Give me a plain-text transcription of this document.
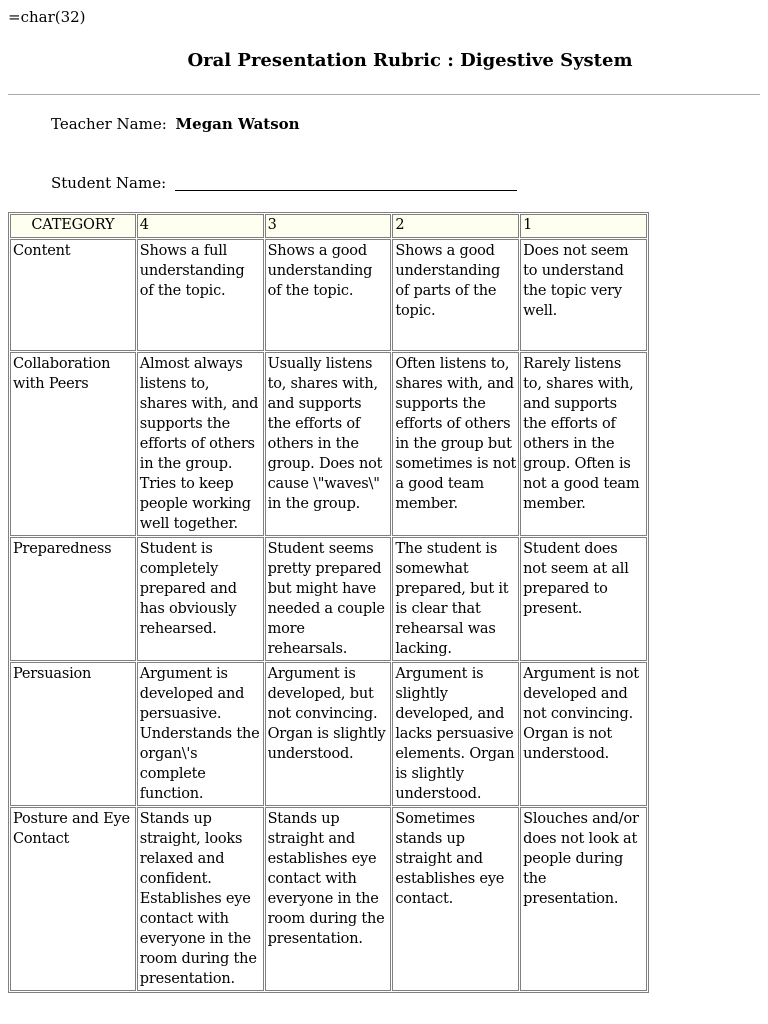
=char(32)
Oral Presentation Rubric : Digestive System
Teacher Name: Megan Watson
Student Name:
CATEGORY	4	3	2	1
Content	Shows a full understanding of the topic.	Shows a good understanding of the topic.	Shows a good understanding of parts of the topic.	Does not seem to understand the topic very well.
Collaboration with Peers	Almost always listens to, shares with, and supports the efforts of others in the group. Tries to keep people working well together.	Usually listens to, shares with, and supports the efforts of others in the group. Does not cause \"waves\" in the group.	Often listens to, shares with, and supports the efforts of others in the group but sometimes is not a good team member.	Rarely listens to, shares with, and supports the efforts of others in the group. Often is not a good team member.
Preparedness	Student is completely prepared and has obviously rehearsed.	Student seems pretty prepared but might have needed a couple more rehearsals.	The student is somewhat prepared, but it is clear that rehearsal was lacking.	Student does not seem at all prepared to present.
Persuasion	Argument is developed and persuasive. Understands the organ\'s complete function.	Argument is developed, but not convincing. Organ is slightly understood.	Argument is slightly developed, and lacks persuasive elements. Organ is slightly understood.	Argument is not developed and not convincing. Organ is not understood.
Posture and Eye Contact	Stands up straight, looks relaxed and confident. Establishes eye contact with everyone in the room during the presentation.	Stands up straight and establishes eye contact with everyone in the room during the presentation.	Sometimes stands up straight and establishes eye contact.	Slouches and/or does not look at people during the presentation.
